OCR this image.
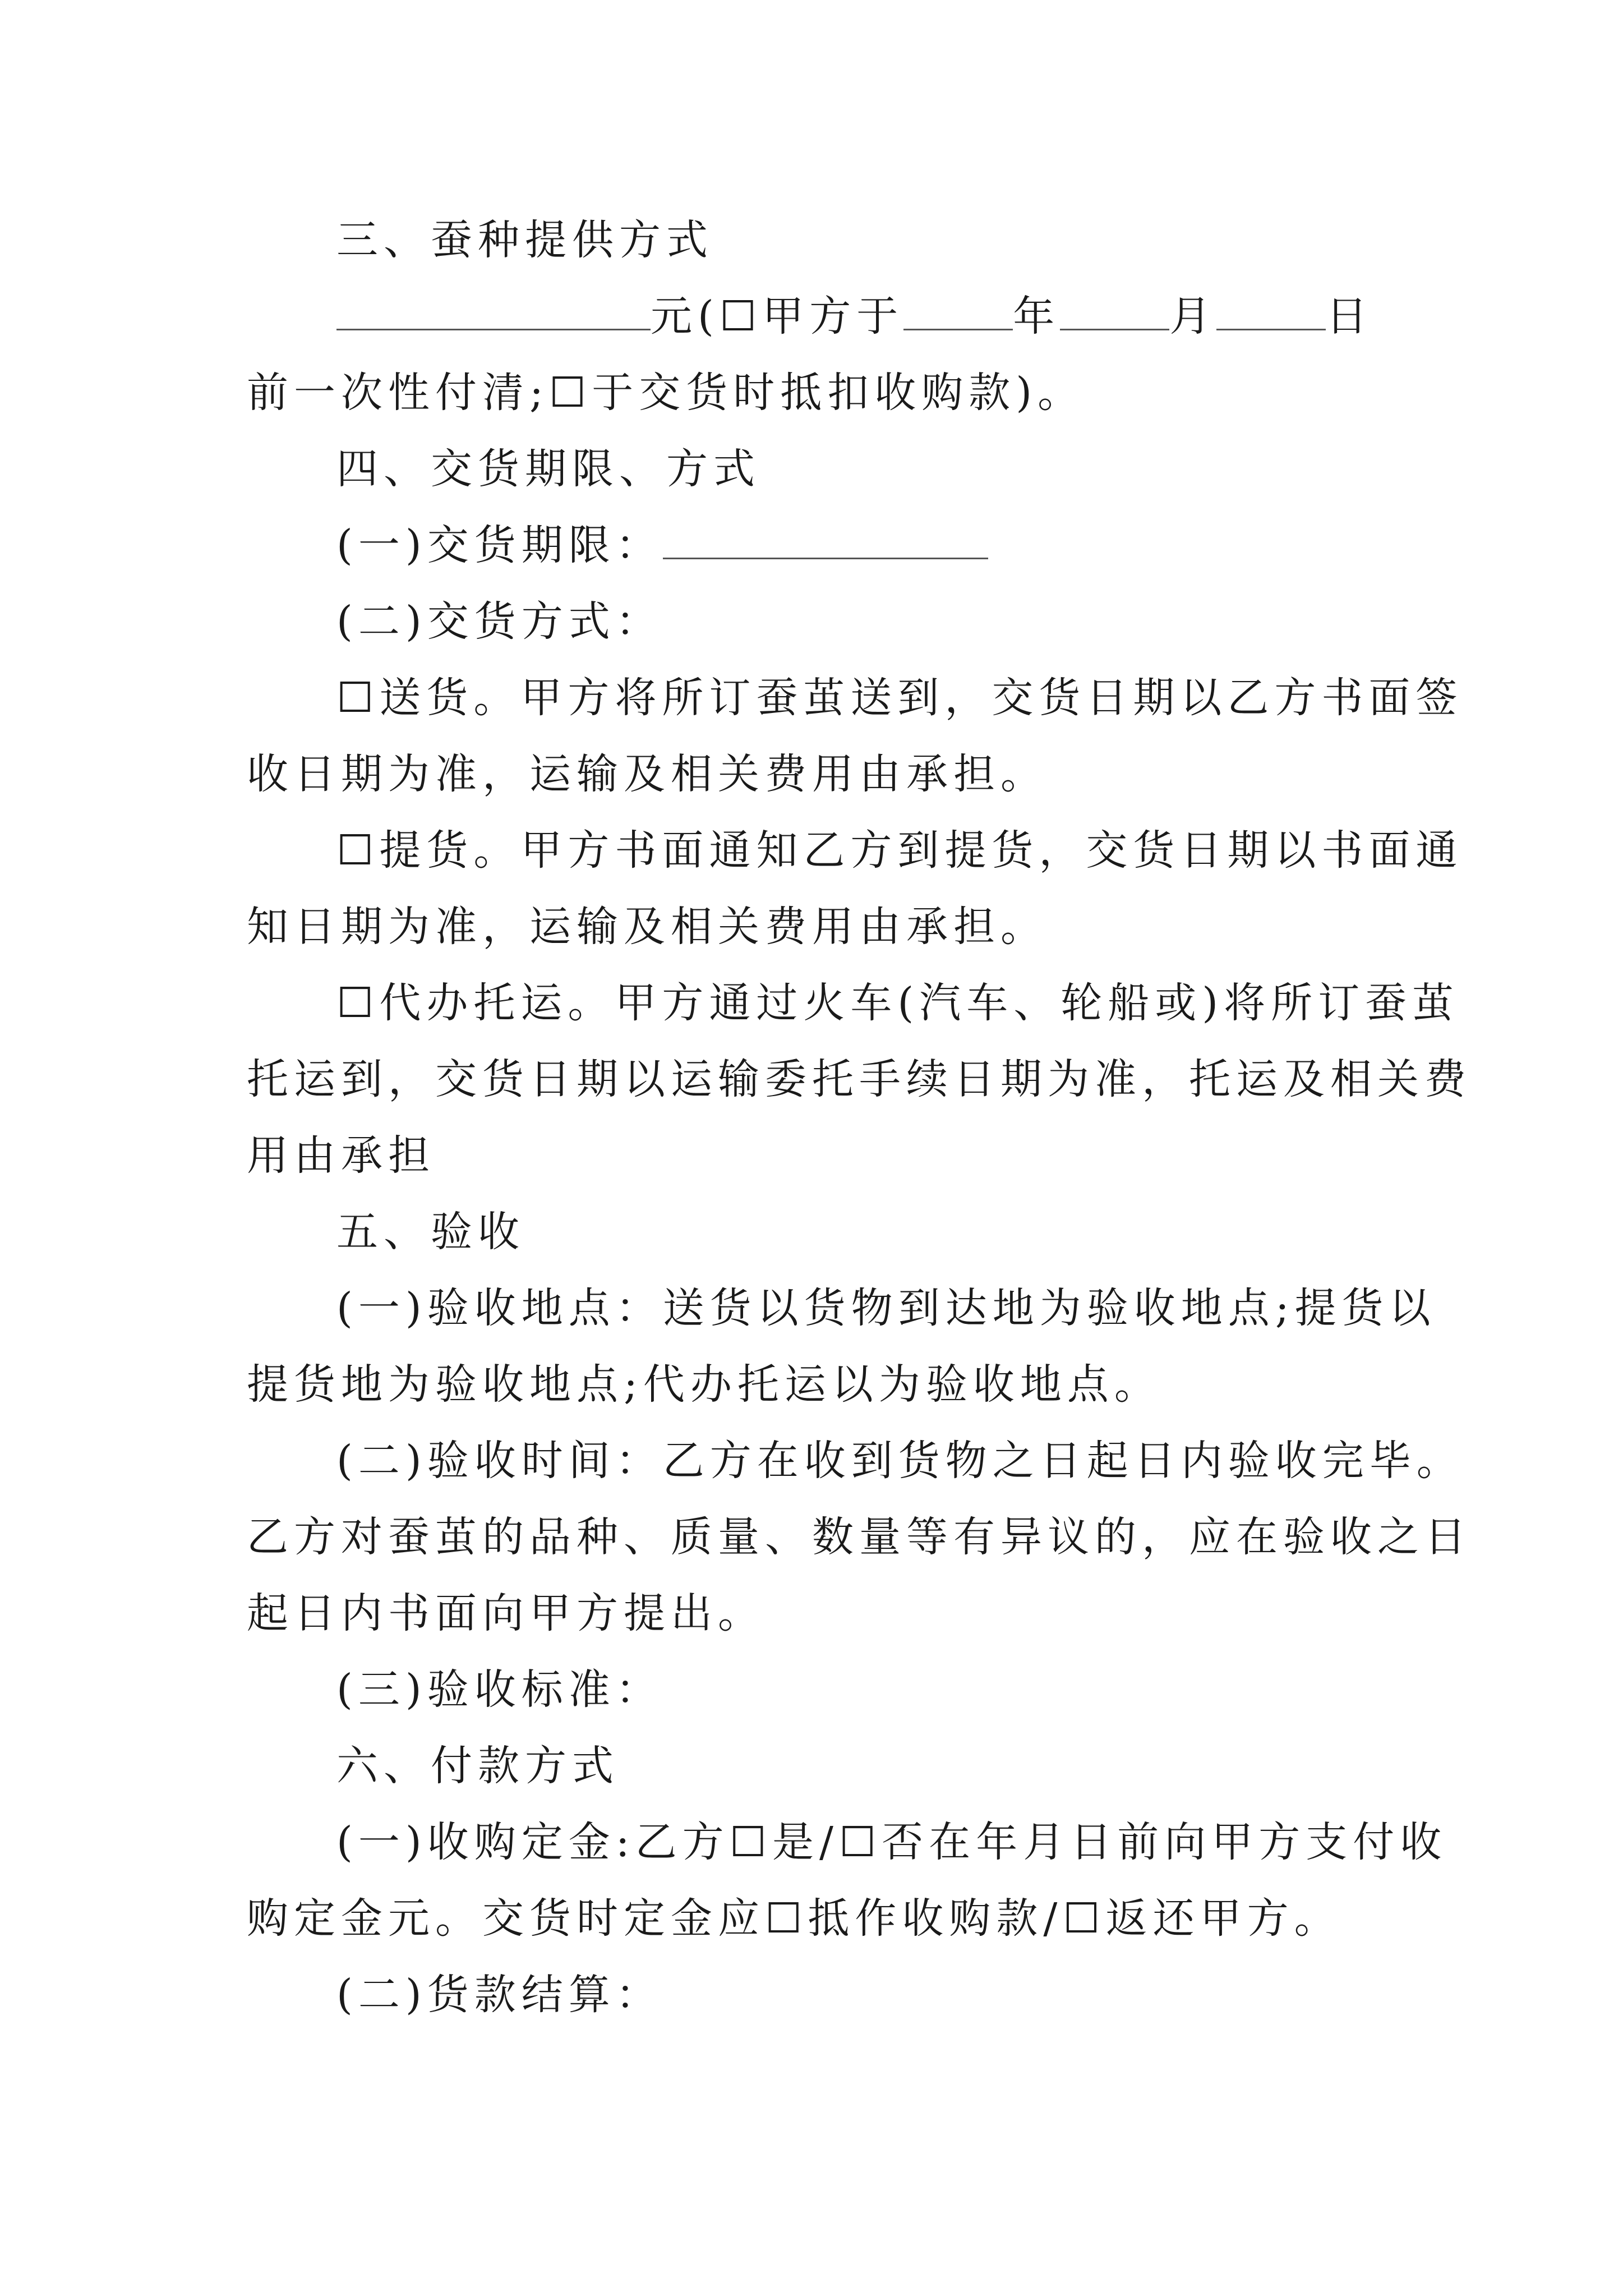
三、蚕种提供方式
元(☐甲方于	年	月	日
前一次性付清;☐于交货时抵扣收购款)。
四、交货期限、方式
(一)交货期限：
(二)交货方式：
☐送货。甲方将所订蚕茧送到，交货日期以乙方书面签
收日期为准，运输及相关费用由承担。
☐提货。甲方书面通知乙方到提货，交货日期以书面通
知日期为准，运输及相关费用由承担。
☐代办托运。甲方通过火车(汽车、轮船或)将所订蚕茧
托运到，交货日期以运输委托手续日期为准，托运及相关费
用由承担
五、验收
(一)验收地点：送货以货物到达地为验收地点;提货以
提货地为验收地点;代办托运以为验收地点。
(二)验收时间：乙方在收到货物之日起日内验收完毕。
乙方对蚕茧的品种、质量、数量等有异议的，应在验收之日
起日内书面向甲方提出。
(三)验收标准：
六、付款方式
(一)收购定金:乙方☐是/☐否在年月日前向甲方支付收
购定金元。交货时定金应☐抵作收购款/☐返还甲方。
(二)货款结算：
